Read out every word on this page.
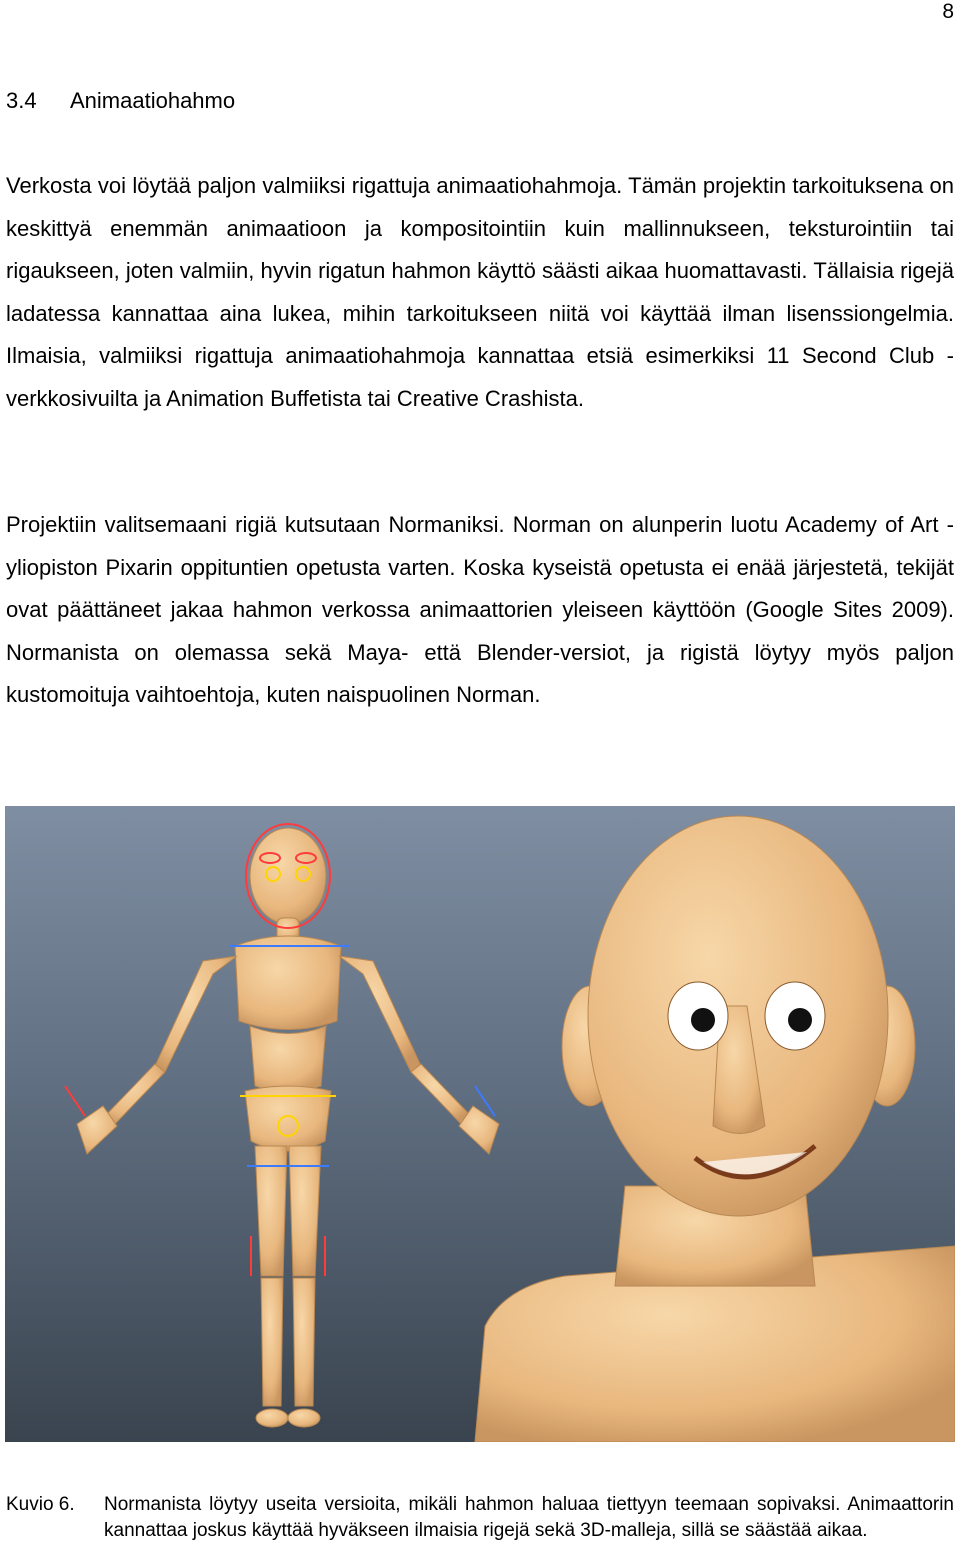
8
3.4 Animaatiohahmo

Verkosta voi löytää paljon valmiiksi rigattuja animaatiohahmoja. Tämän projektin tarkoituksena on keskittyä enemmän animaatioon ja kompositointiin kuin mallinnukseen, teksturointiin tai rigaukseen, joten valmiin, hyvin rigatun hahmon käyttö säästi aikaa huomattavasti. Tällaisia rigejä ladatessa kannattaa aina lukea, mihin tarkoitukseen niitä voi käyttää ilman lisenssiongelmia. Ilmaisia, valmiiksi rigattuja animaatiohahmoja kannattaa etsiä esimerkiksi 11 Second Club -verkkosivuilta ja Animation Buffetista tai Creative Crashista.

Projektiin valitsemaani rigiä kutsutaan Normaniksi. Norman on alunperin luotu Academy of Art -yliopiston Pixarin oppituntien opetusta varten. Koska kyseistä opetusta ei enää järjestetä, tekijät ovat päättäneet jakaa hahmon verkossa animaattorien yleiseen käyttöön (Google Sites 2009). Normanista on olemassa sekä Maya- että Blender-versiot, ja rigistä löytyy myös paljon kustomoituja vaihtoehtoja, kuten naispuolinen Norman.

Kuvio 6. Normanista löytyy useita versioita, mikäli hahmon haluaa tiettyyn teemaan sopivaksi. Animaattorin kannattaa joskus käyttää hyväkseen ilmaisia rigejä sekä 3D-malleja, sillä se säästää aikaa.
